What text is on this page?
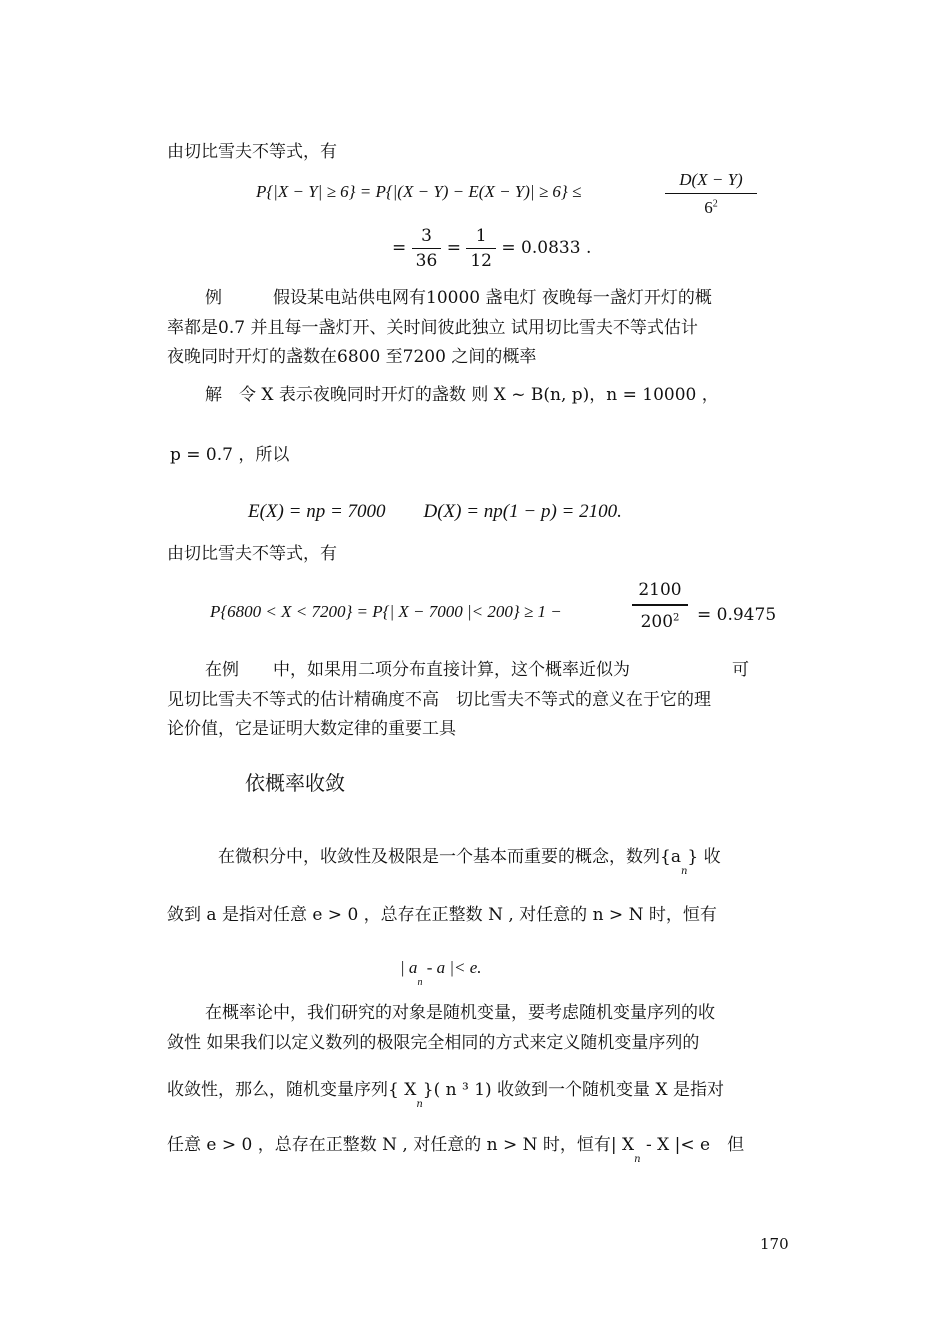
由切比雪夫不等式，有
P{|X − Y| ≥ 6} = P{|(X − Y) − E(X − Y)| ≥ 6} ≤	$\frac{D(X - Y)}{6^2}$
= $\frac{3}{36} = \frac{1}{12} = 0.0833$ .
例　　　假设某电站供电网有10000 盏电灯 夜晚每一盏灯开灯的概
率都是0.7 并且每一盏灯开、关时间彼此独立 试用切比雪夫不等式估计
夜晚同时开灯的盏数在6800 至7200 之间的概率
解　令 X 表示夜晚同时开灯的盏数 则 X ~ B(n, p)，n = 10000 ，
p = 0.7 ，所以
E(X) = np = 7000　　D(X) = np(1 − p) = 2100.
由切比雪夫不等式，有
P{6800 < X < 7200} = P{| X − 7000 |< 200} ≥ 1 −	$\frac{2100}{200^2} = 0.9475$
在例　　中，如果用二项分布直接计算，这个概率近似为　　　　　　可
见切比雪夫不等式的估计精确度不高　切比雪夫不等式的意义在于它的理
论价值，它是证明大数定律的重要工具
依概率收敛
在微积分中，收敛性及极限是一个基本而重要的概念，数列$\{a_n\}$ 收
敛到 a 是指对任意 e > 0 ，总存在正整数 N , 对任意的 n > N 时，恒有
| $a_n$ - a |< e.
在概率论中，我们研究的对象是随机变量，要考虑随机变量序列的收
敛性 如果我们以定义数列的极限完全相同的方式来定义随机变量序列的
收敛性，那么，随机变量序列{ $X_n$}( n ³ 1) 收敛到一个随机变量 X 是指对
任意 e > 0 ，总存在正整数 N , 对任意的 n > N 时，恒有| $X_n$ - X |< e　但
170
